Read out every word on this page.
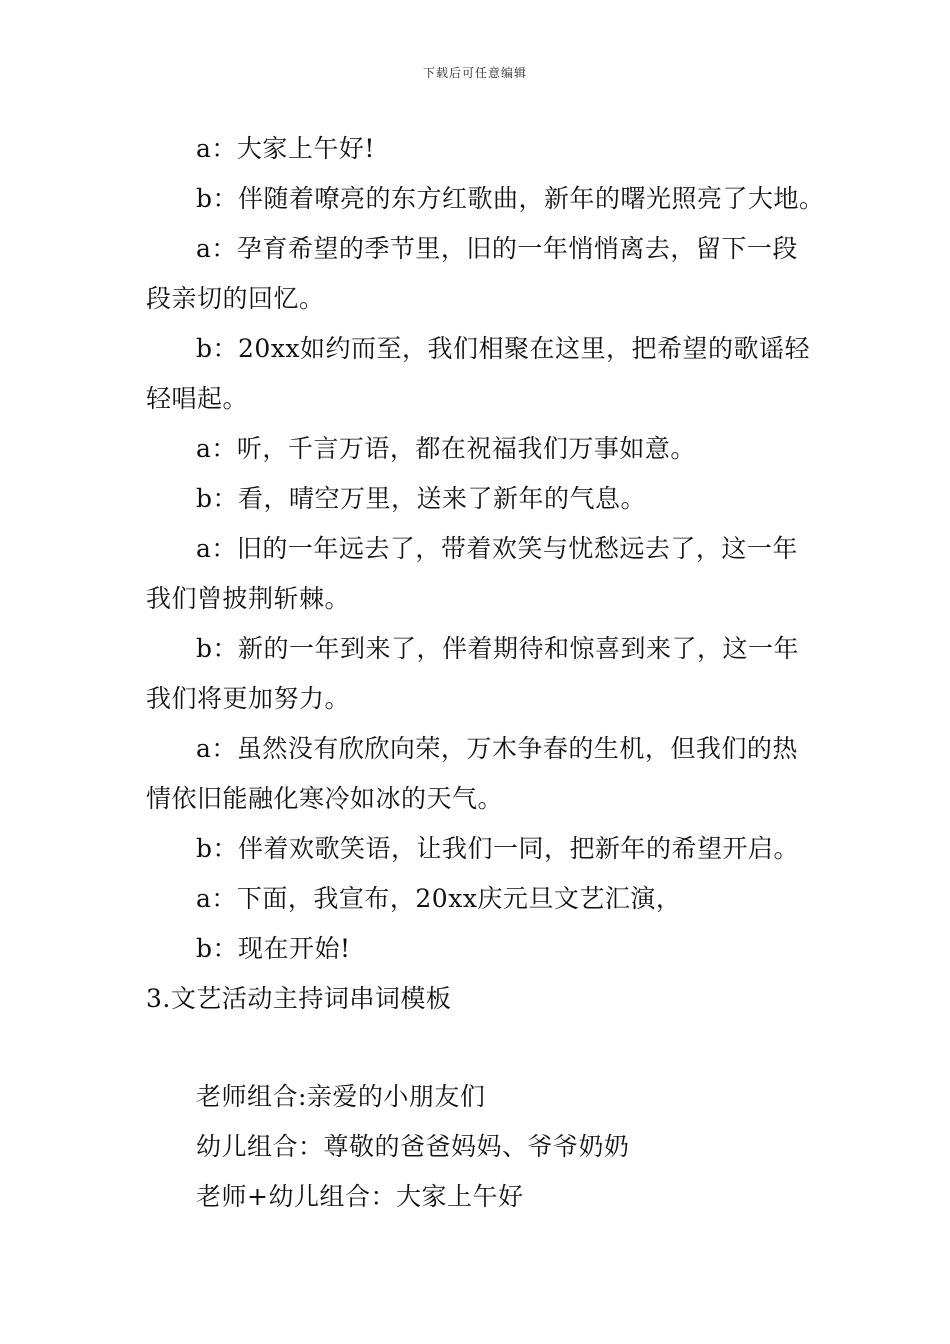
下载后可任意编辑
a：大家上午好!
b：伴随着嘹亮的东方红歌曲，新年的曙光照亮了大地。
a：孕育希望的季节里，旧的一年悄悄离去，留下一段
段亲切的回忆。
b：20xx如约而至，我们相聚在这里，把希望的歌谣轻
轻唱起。
a：听，千言万语，都在祝福我们万事如意。
b：看，晴空万里，送来了新年的气息。
a：旧的一年远去了，带着欢笑与忧愁远去了，这一年
我们曾披荆斩棘。
b：新的一年到来了，伴着期待和惊喜到来了，这一年
我们将更加努力。
a：虽然没有欣欣向荣，万木争春的生机，但我们的热
情依旧能融化寒冷如冰的天气。
b：伴着欢歌笑语，让我们一同，把新年的希望开启。
a：下面，我宣布，20xx庆元旦文艺汇演，
b：现在开始!
3.文艺活动主持词串词模板
老师组合:亲爱的小朋友们
幼儿组合：尊敬的爸爸妈妈、爷爷奶奶
老师+幼儿组合：大家上午好
